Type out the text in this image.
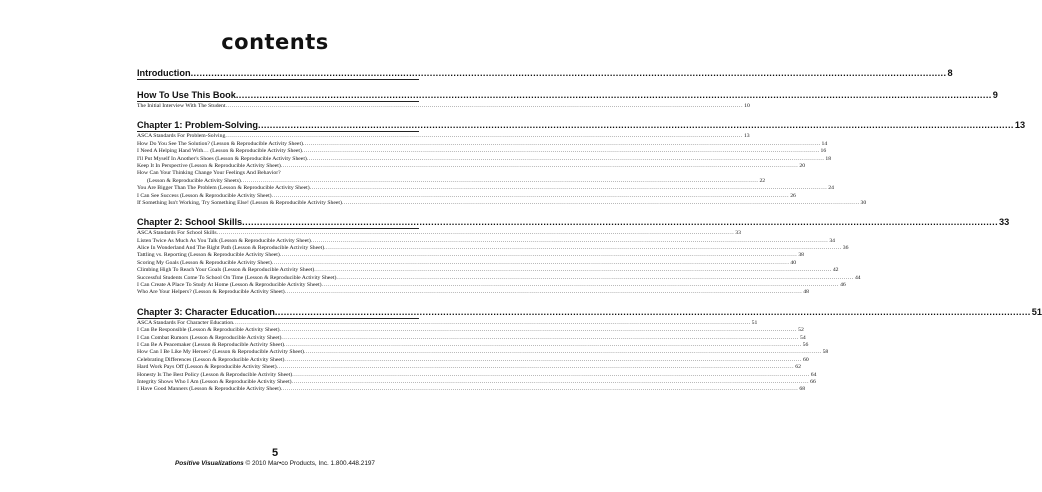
contents
Introduction .....	8
How To Use This Book .....	9
The Initial Interview With The Student .....	10
Chapter 1: Problem-Solving .....	13
ASCA Standards For Problem-Solving .....	13
How Do You See The Solution? (Lesson & Reproducible Activity Sheet) .....	14
I Need A Helping Hand With… (Lesson & Reproducible Activity Sheet) .....	16
I'll Put Myself In Another's Shoes (Lesson & Reproducible Activity Sheet) .....	18
Keep It In Perspective (Lesson & Reproducible Activity Sheet) .....	20
How Can Your Thinking Change Your Feelings And Behavior?
(Lesson & Reproducible Activity Sheets) .....	22
You Are Bigger Than The Problem (Lesson & Reproducible Activity Sheet) .....	24
I Can See Success (Lesson & Reproducible Activity Sheet) .....	26
If Something Isn't Working, Try Something Else! (Lesson & Reproducible Activity Sheet) .....	30
Chapter 2: School Skills .....	33
ASCA Standards For School Skills .....	33
Listen Twice As Much As You Talk (Lesson & Reproducible Activity Sheet) .....	34
Alice In Wonderland And The Right Path (Lesson & Reproducible Activity Sheet) .....	36
Tattling vs. Reporting (Lesson & Reproducible Activity Sheet) .....	38
Scoring My Goals (Lesson & Reproducible Activity Sheet) .....	40
Climbing High To Reach Your Goals (Lesson & Reproducible Activity Sheet) .....	42
Successful Students Come To School On Time (Lesson & Reproducible Activity Sheet) .....	44
I Can Create A Place To Study At Home (Lesson & Reproducible Activity Sheet) .....	46
Who Are Your Helpers? (Lesson & Reproducible Activity Sheet) .....	48
Chapter 3: Character Education .....	51
ASCA Standards For Character Education .....	51
I Can Be Responsible (Lesson & Reproducible Activity Sheet) .....	52
I Can Combat Rumors (Lesson & Reproducible Activity Sheet) .....	54
I Can Be A Peacemaker (Lesson & Reproducible Activity Sheet) .....	56
How Can I Be Like My Heroes? (Lesson & Reproducible Activity Sheet) .....	58
Celebrating Differences (Lesson & Reproducible Activity Sheet) .....	60
Hard Work Pays Off (Lesson & Reproducible Activity Sheet) .....	62
Honesty Is The Best Policy (Lesson & Reproducible Activity Sheet) .....	64
Integrity Shows Who I Am (Lesson & Reproducible Activity Sheet) .....	66
I Have Good Manners (Lesson & Reproducible Activity Sheet) .....	68
5
Positive Visualizations © 2010 Mar•co Products, Inc. 1.800.448.2197
